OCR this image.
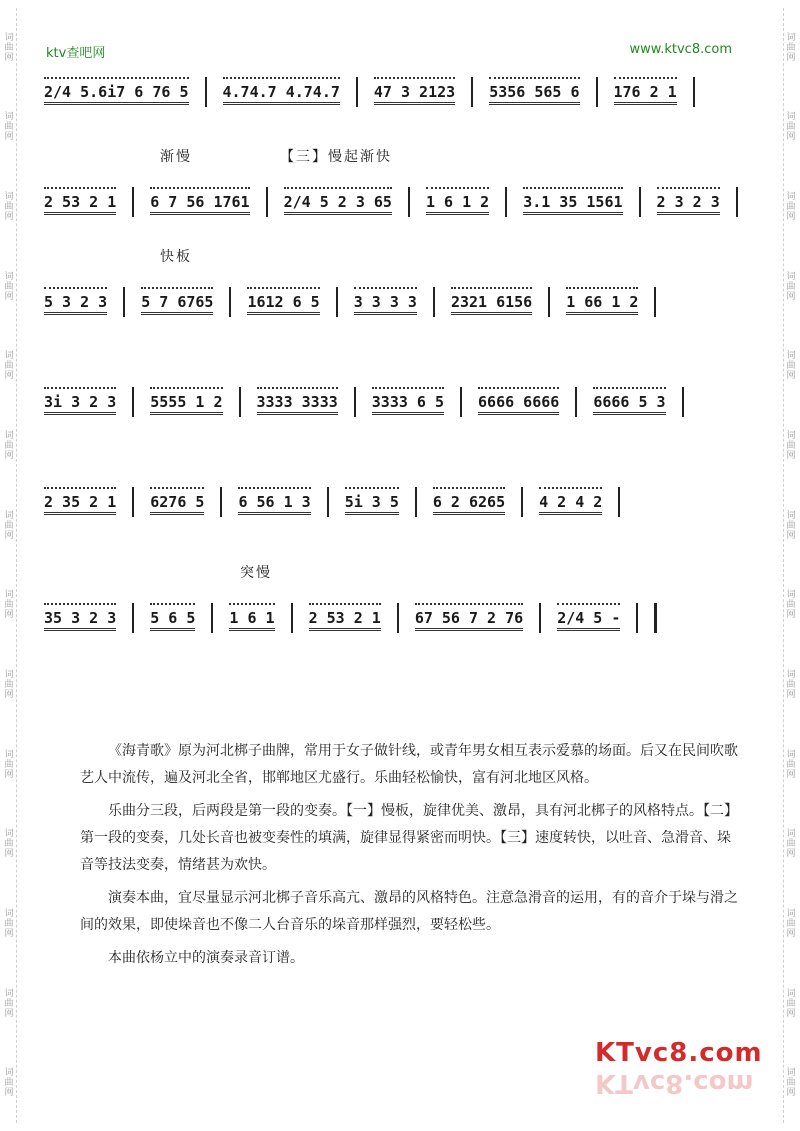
词
曲
网
词
曲
网
词
曲
网
词
曲
网
词
曲
网
词
曲
网
词
曲
网
词
曲
网
词
曲
网
词
曲
网
词
曲
网
词
曲
网
词
曲
网
词
曲
网
词
曲
网
词
曲
网
词
曲
网
词
曲
网
词
曲
网
词
曲
网
词
曲
网
词
曲
网
词
曲
网
词
曲
网
词
曲
网
词
曲
网
词
曲
网
词
曲
网
ktv查吧网	www.ktvc8.com
2/4 5.6i7 6 76 5 4.74.7 4.74.7 47 3 2123 5356 565 6 176 2 1
渐慢	【三】慢起渐快
2 53 2 1 6 7 56 1761 2/4 5 2 3 65 1 6 1 2 3.1 35 1561 2 3 2 3
快板
5 3 2 3 5 7 6765 1612 6 5 3 3 3 3 2321 6156 1 66 1 2
3i 3 2 3 5555 1 2 3333 3333 3333 6 5 6666 6666 6666 5 3
2 35 2 1 6276 5 6 56 1 3 5i 3 5 6 2 6265 4 2 4 2
突慢
35 3 2 3 5 6 5 1 6 1 2 53 2 1 67 56 7 2 76 2/4 5 -

《海青歌》原为河北梆子曲牌，常用于女子做针线，或青年男女相互表示爱慕的场面。后又在民间吹歌艺人中流传，遍及河北全省，邯郸地区尤盛行。乐曲轻松愉快，富有河北地区风格。

乐曲分三段，后两段是第一段的变奏。【一】慢板，旋律优美、激昂，具有河北梆子的风格特点。【二】第一段的变奏，几处长音也被变奏性的填满，旋律显得紧密而明快。【三】速度转快，以吐音、急滑音、垛音等技法变奏，情绪甚为欢快。

演奏本曲，宜尽量显示河北梆子音乐高亢、激昂的风格特色。注意急滑音的运用，有的音介于垛与滑之间的效果，即使垛音也不像二人台音乐的垛音那样强烈，要轻松些。

本曲依杨立中的演奏录音订谱。

KTvc8.com
KTvc8.com
